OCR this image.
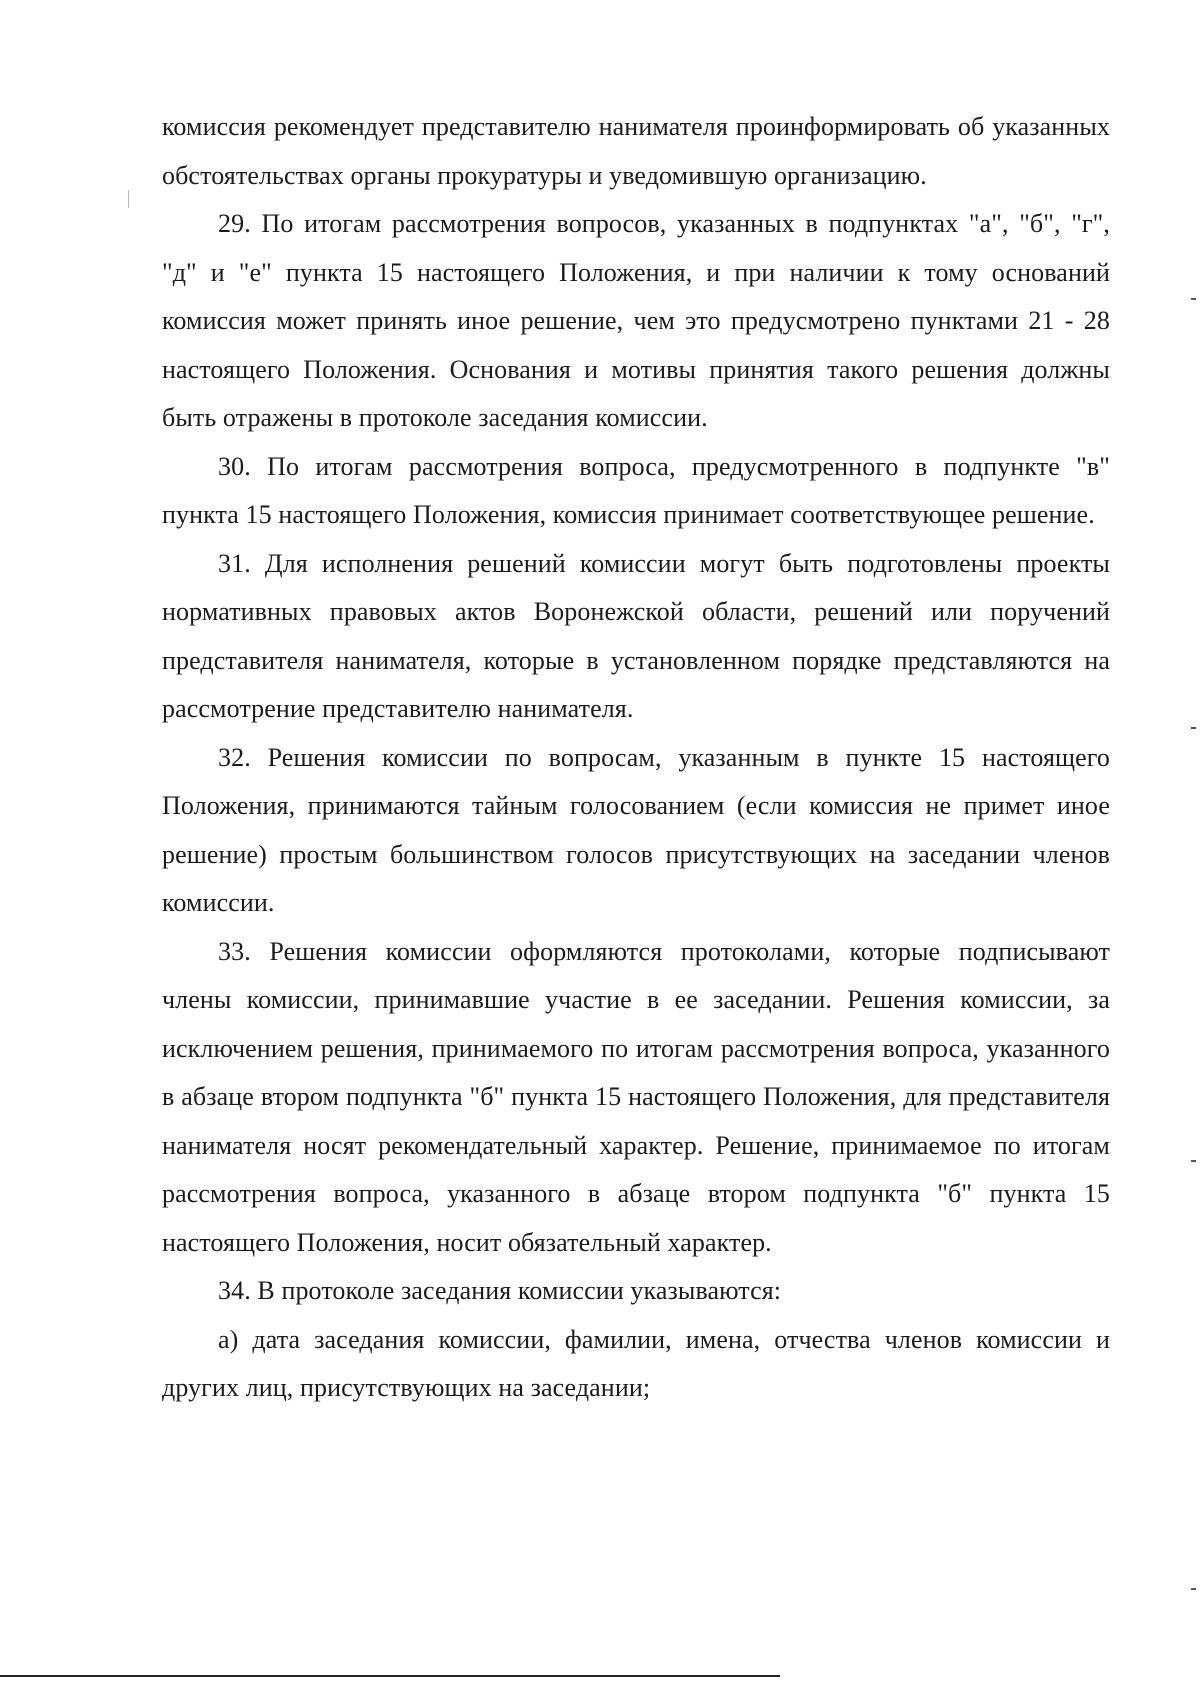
комиссия рекомендует представителю нанимателя проинформировать об указанных обстоятельствах органы прокуратуры и уведомившую организацию.

29. По итогам рассмотрения вопросов, указанных в подпунктах "а", "б", "г", "д" и "е" пункта 15 настоящего Положения, и при наличии к тому оснований комиссия может принять иное решение, чем это предусмотрено пунктами 21 - 28 настоящего Положения. Основания и мотивы принятия такого решения должны быть отражены в протоколе заседания комиссии.

30. По итогам рассмотрения вопроса, предусмотренного в подпункте "в" пункта 15 настоящего Положения, комиссия принимает соответствующее решение.

31. Для исполнения решений комиссии могут быть подготовлены проекты нормативных правовых актов Воронежской области, решений или поручений представителя нанимателя, которые в установленном порядке представляются на рассмотрение представителю нанимателя.

32. Решения комиссии по вопросам, указанным в пункте 15 настоящего Положения, принимаются тайным голосованием (если комиссия не примет иное решение) простым большинством голосов присутствующих на заседании членов комиссии.

33. Решения комиссии оформляются протоколами, которые подписывают члены комиссии, принимавшие участие в ее заседании. Решения комиссии, за исключением решения, принимаемого по итогам рассмотрения вопроса, указанного в абзаце втором подпункта "б" пункта 15 настоящего Положения, для представителя нанимателя носят рекомендательный характер. Решение, принимаемое по итогам рассмотрения вопроса, указанного в абзаце втором подпункта "б" пункта 15 настоящего Положения, носит обязательный характер.

34. В протоколе заседания комиссии указываются:

а) дата заседания комиссии, фамилии, имена, отчества членов комиссии и других лиц, присутствующих на заседании;
